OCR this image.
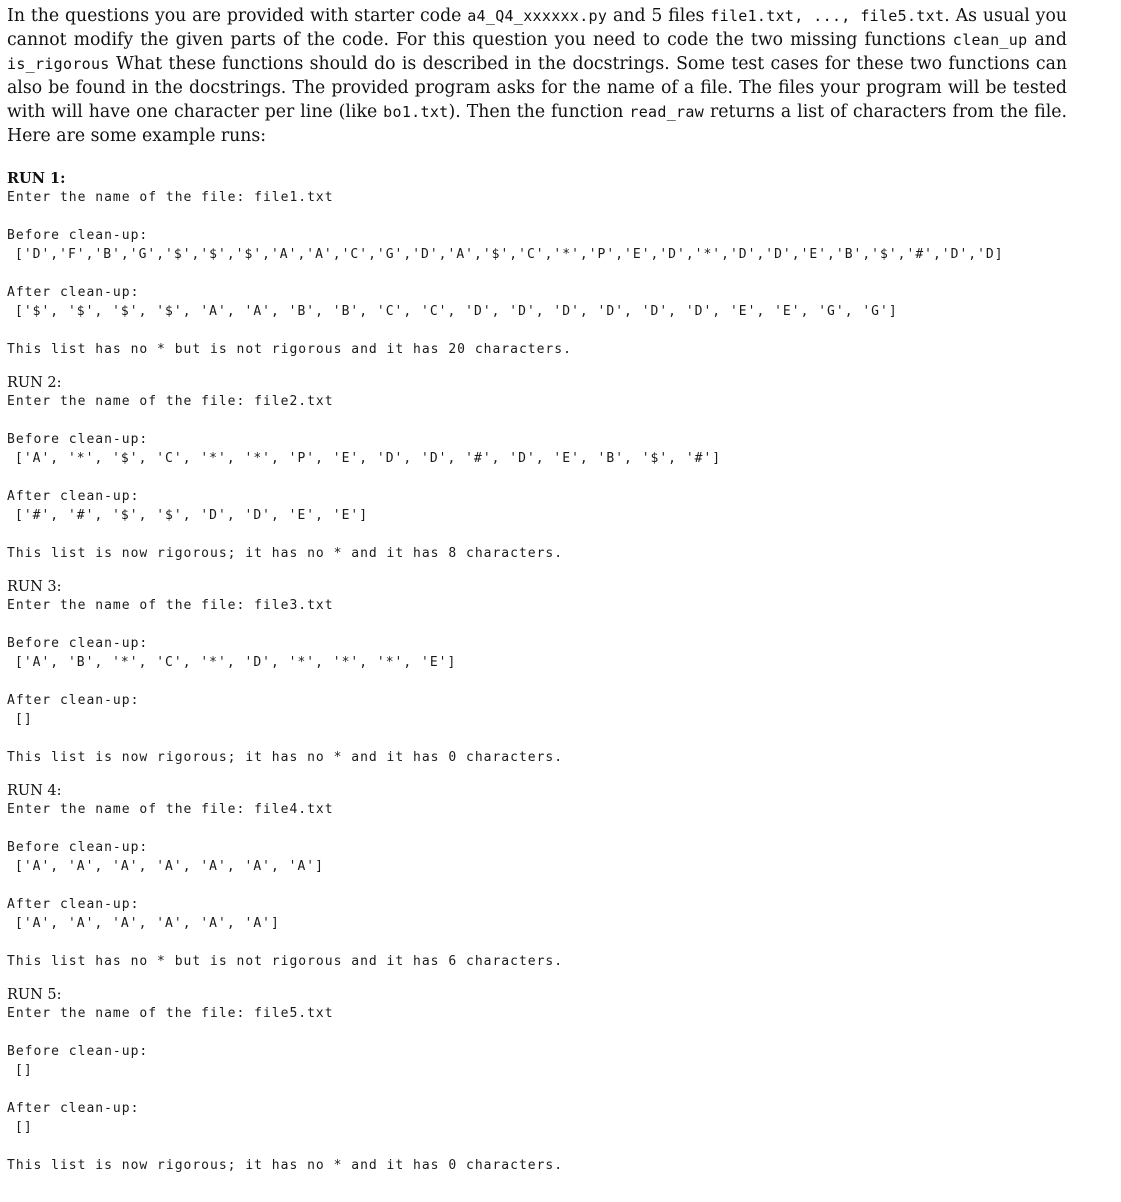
In the questions you are provided with starter code a4_Q4_xxxxxx.py and 5 files file1.txt, ..., file5.txt. As usual you cannot modify the given parts of the code. For this question you need to code the two missing functions clean_up and is_rigorous What these functions should do is described in the docstrings. Some test cases for these two functions can also be found in the docstrings. The provided program asks for the name of a file. The files your program will be tested with will have one character per line (like bo1.txt). Then the function read_raw returns a list of characters from the file. Here are some example runs:

RUN 1:
Enter the name of the file: file1.txt
Before clean-up:
['D','F','B','G','$','$','$','A','A','C','G','D','A','$','C','*','P','E','D','*','D','D','E','B','$','#','D','D]
After clean-up:
['$', '$', '$', '$', 'A', 'A', 'B', 'B', 'C', 'C', 'D', 'D', 'D', 'D', 'D', 'D', 'E', 'E', 'G', 'G']
This list has no * but is not rigorous and it has 20 characters.
RUN 2:
Enter the name of the file: file2.txt
Before clean-up:
['A', '*', '$', 'C', '*', '*', 'P', 'E', 'D', 'D', '#', 'D', 'E', 'B', '$', '#']
After clean-up:
['#', '#', '$', '$', 'D', 'D', 'E', 'E']
This list is now rigorous; it has no * and it has 8 characters.
RUN 3:
Enter the name of the file: file3.txt
Before clean-up:
['A', 'B', '*', 'C', '*', 'D', '*', '*', '*', 'E']
After clean-up:
[]
This list is now rigorous; it has no * and it has 0 characters.
RUN 4:
Enter the name of the file: file4.txt
Before clean-up:
['A', 'A', 'A', 'A', 'A', 'A', 'A']
After clean-up:
['A', 'A', 'A', 'A', 'A', 'A']
This list has no * but is not rigorous and it has 6 characters.
RUN 5:
Enter the name of the file: file5.txt
Before clean-up:
[]
After clean-up:
[]
This list is now rigorous; it has no * and it has 0 characters.
